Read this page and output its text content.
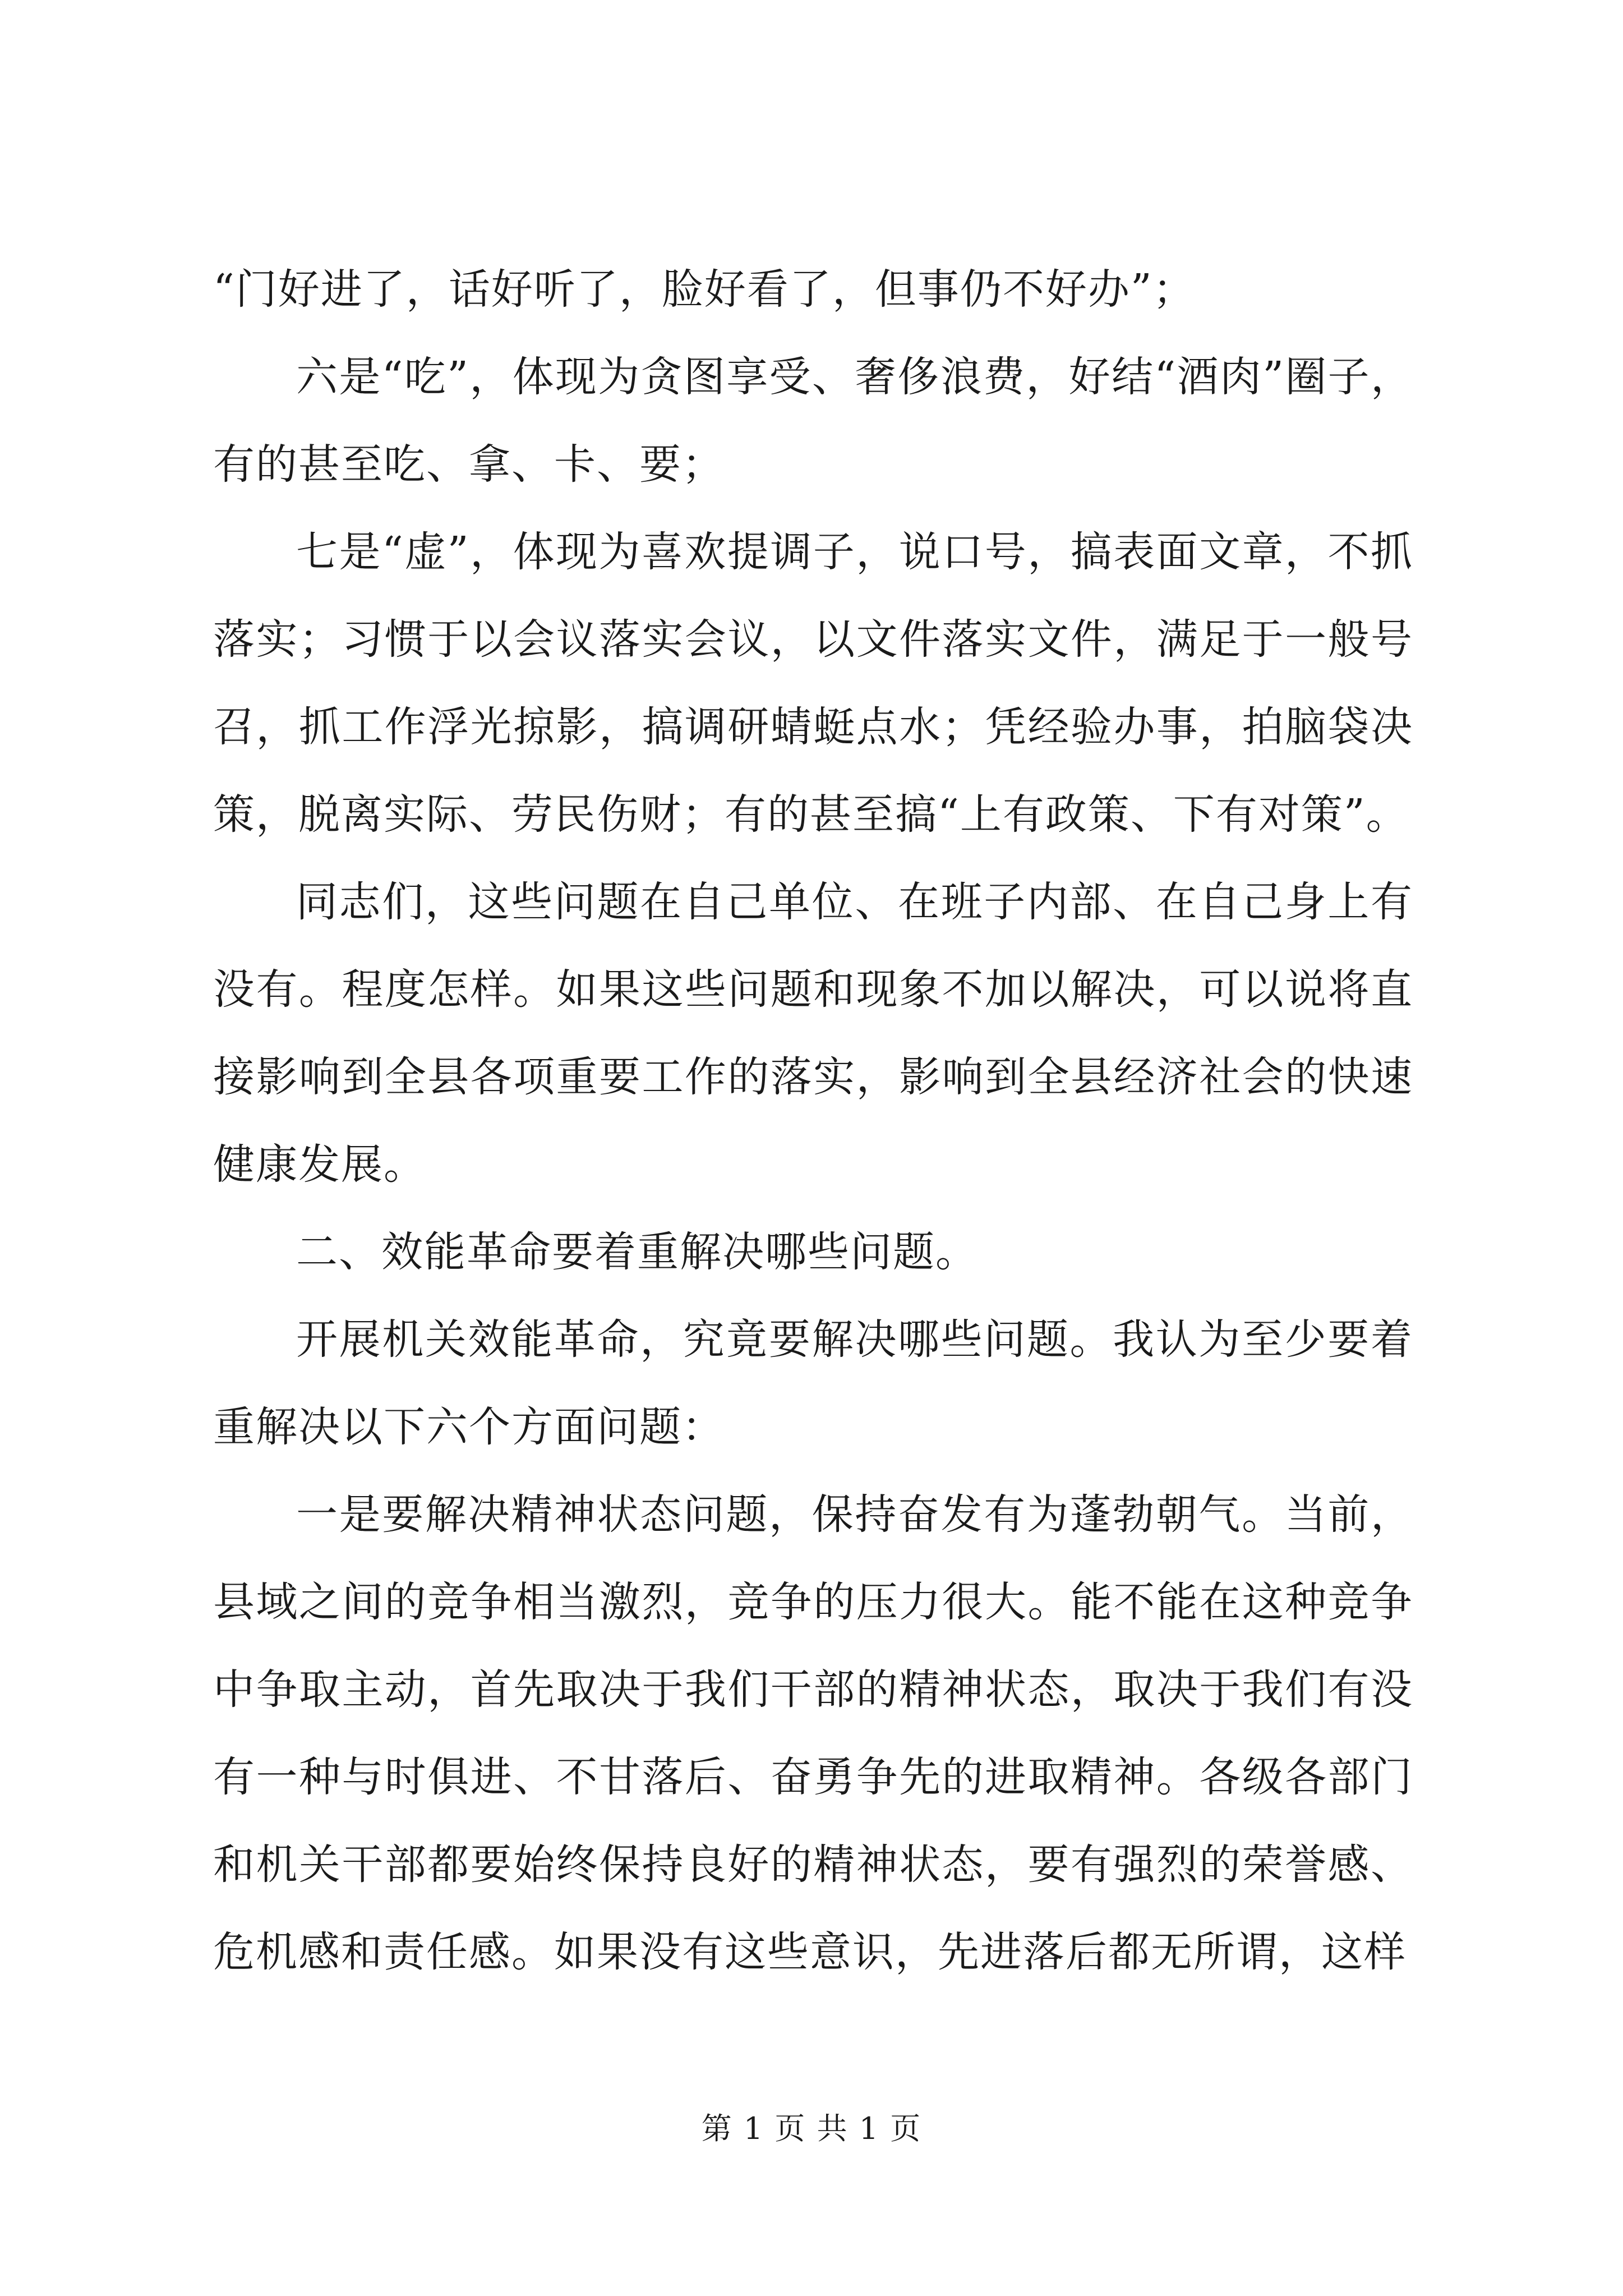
“门好进了，话好听了，脸好看了，但事仍不好办”；

六是“吃”，体现为贪图享受、奢侈浪费，好结“酒肉”圈子，有的甚至吃、拿、卡、要；

七是“虚”，体现为喜欢提调子，说口号，搞表面文章，不抓落实；习惯于以会议落实会议，以文件落实文件，满足于一般号召，抓工作浮光掠影，搞调研蜻蜓点水；凭经验办事，拍脑袋决策，脱离实际、劳民伤财；有的甚至搞“上有政策、下有对策”。

同志们，这些问题在自己单位、在班子内部、在自己身上有没有。程度怎样。如果这些问题和现象不加以解决，可以说将直接影响到全县各项重要工作的落实，影响到全县经济社会的快速健康发展。

二、效能革命要着重解决哪些问题。

开展机关效能革命，究竟要解决哪些问题。我认为至少要着重解决以下六个方面问题：

一是要解决精神状态问题，保持奋发有为蓬勃朝气。当前，县域之间的竞争相当激烈，竞争的压力很大。能不能在这种竞争中争取主动，首先取决于我们干部的精神状态，取决于我们有没有一种与时俱进、不甘落后、奋勇争先的进取精神。各级各部门和机关干部都要始终保持良好的精神状态，要有强烈的荣誉感、危机感和责任感。如果没有这些意识，先进落后都无所谓，这样

第 1 页 共 1 页
